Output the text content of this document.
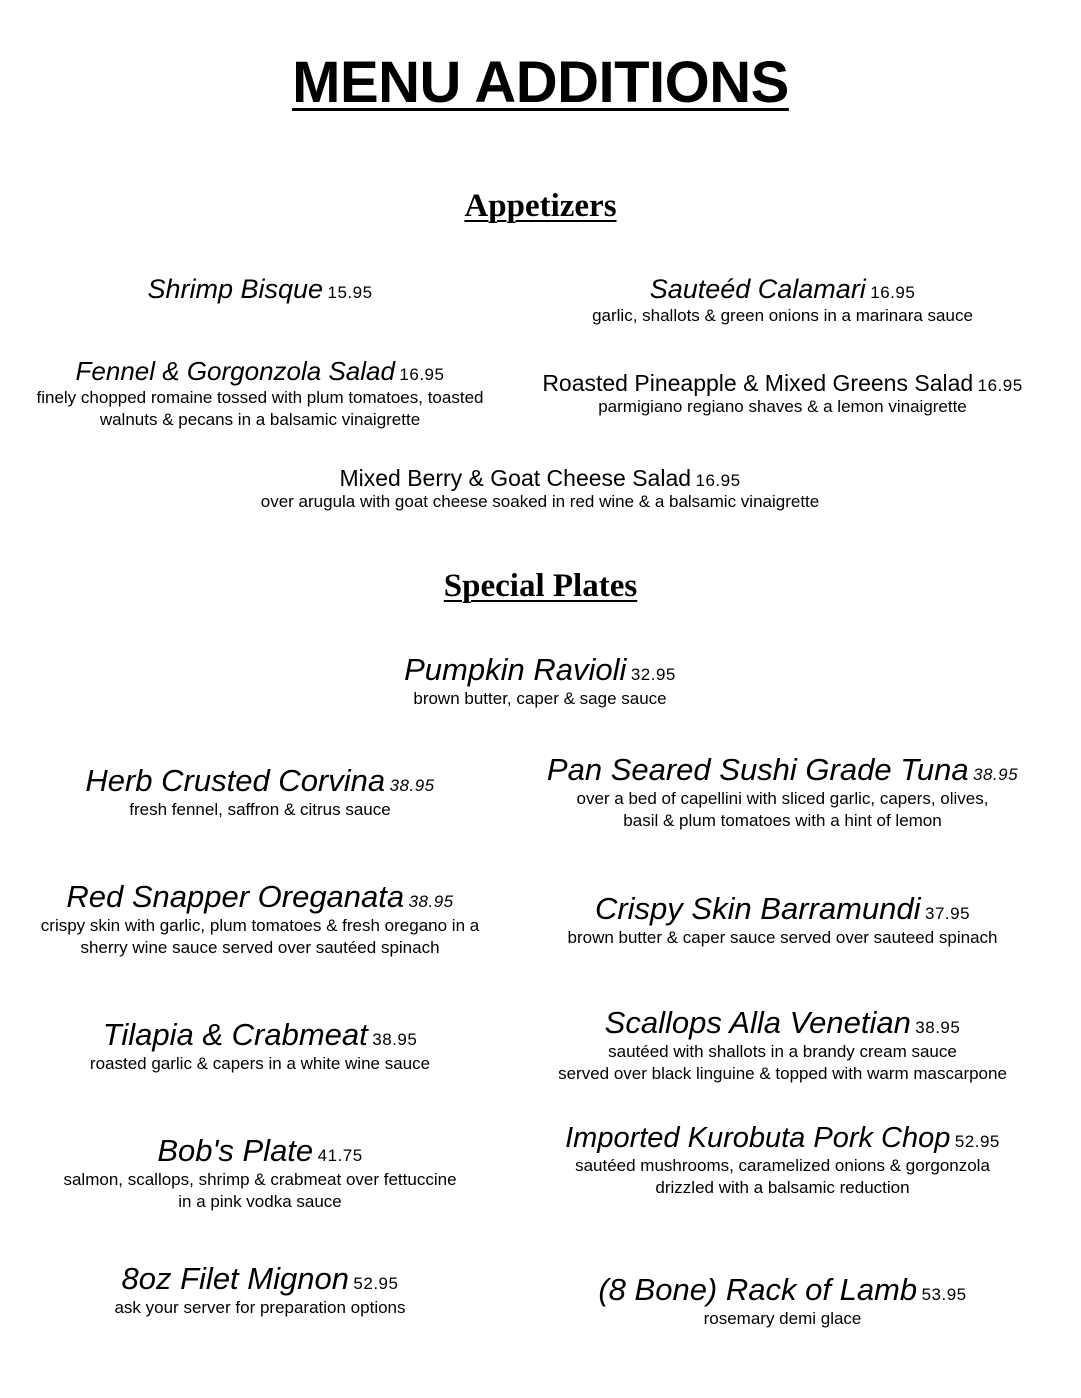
MENU ADDITIONS
Appetizers
Shrimp Bisque 15.95	Sauteéd Calamari 16.95
garlic, shallots & green onions in a marinara sauce
Fennel & Gorgonzola Salad 16.95
finely chopped romaine tossed with plum tomatoes, toasted
walnuts & pecans in a balsamic vinaigrette
Roasted Pineapple & Mixed Greens Salad 16.95
parmigiano regiano shaves & a lemon vinaigrette
Mixed Berry & Goat Cheese Salad 16.95
over arugula with goat cheese soaked in red wine & a balsamic vinaigrette
Special Plates
Pumpkin Ravioli 32.95
brown butter, caper & sage sauce
Herb Crusted Corvina 38.95
fresh fennel, saffron & citrus sauce
Pan Seared Sushi Grade Tuna 38.95
over a bed of capellini with sliced garlic, capers, olives,
basil & plum tomatoes with a hint of lemon
Red Snapper Oreganata 38.95
crispy skin with garlic, plum tomatoes & fresh oregano in a
sherry wine sauce served over sautéed spinach
Crispy Skin Barramundi 37.95
brown butter & caper sauce served over sauteed spinach
Tilapia & Crabmeat 38.95
roasted garlic & capers in a white wine sauce
Scallops Alla Venetian 38.95
sautéed with shallots in a brandy cream sauce
served over black linguine & topped with warm mascarpone
Bob's Plate 41.75
salmon, scallops, shrimp & crabmeat over fettuccine
in a pink vodka sauce
Imported Kurobuta Pork Chop 52.95
sautéed mushrooms, caramelized onions & gorgonzola
drizzled with a balsamic reduction
8oz Filet Mignon 52.95
ask your server for preparation options
(8 Bone) Rack of Lamb 53.95
rosemary demi glace
